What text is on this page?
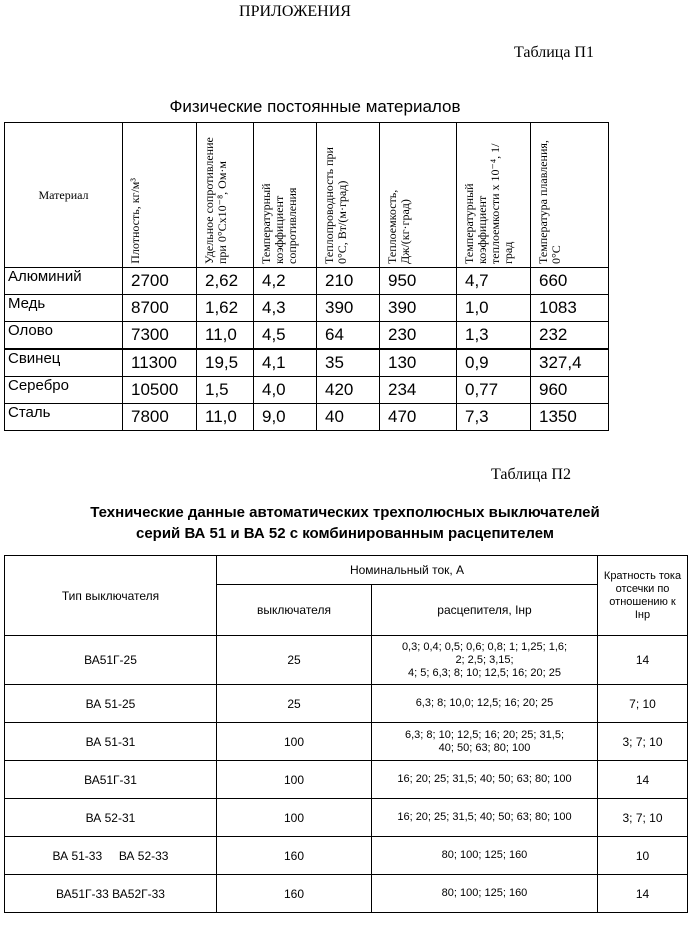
ПРИЛОЖЕНИЯ
Таблица П1
Физические постоянные материалов
Материал	Плотность, кг/м³	Удельное сопротивление при 0°Сх10⁻⁸, Ом·м	Температурный коэффициент сопротивления	Теплопроводность при 0°С, Вт/(м·град)	Теплоемкость, Дж/(кг·град)	Температурный коэффициент теплоемкости х 10⁻⁴, 1/град	Температура плавления, 0°С

Алюминий	2700	2,62	4,2	210	950	4,7	660
Медь	8700	1,62	4,3	390	390	1,0	1083
Олово	7300	11,0	4,5	64	230	1,3	232
Свинец	11300	19,5	4,1	35	130	0,9	327,4
Серебро	10500	1,5	4,0	420	234	0,77	960
Сталь	7800	11,0	9,0	40	470	7,3	1350
Таблица П2
Технические данные автоматических трехполюсных выключателей
серий ВА 51 и ВА 52 с комбинированным расцепителем
Тип выключателя	Номинальный ток, А		Кратность тока отсечки по отношению к Iнр
	выключателя	расцепителя, Iнр	
ВА51Г-25	25	0,3; 0,4; 0,5; 0,6; 0,8; 1; 1,25; 1,6;
2; 2,5; 3,15;
4; 5; 6,3; 8; 10; 12,5; 16; 20; 25	14
ВА 51-25	25	6,3; 8; 10,0; 12,5; 16; 20; 25	7; 10
ВА 51-31	100	6,3; 8; 10; 12,5; 16; 20; 25; 31,5;
40; 50; 63; 80; 100	3; 7; 10
ВА51Г-31	100	16; 20; 25; 31,5; 40; 50; 63; 80; 100	14
ВА 52-31	100	16; 20; 25; 31,5; 40; 50; 63; 80; 100	3; 7; 10
ВА 51-33     ВА 52-33	160	80; 100; 125; 160	10
ВА51Г-33 ВА52Г-33	160	80; 100; 125; 160	14
